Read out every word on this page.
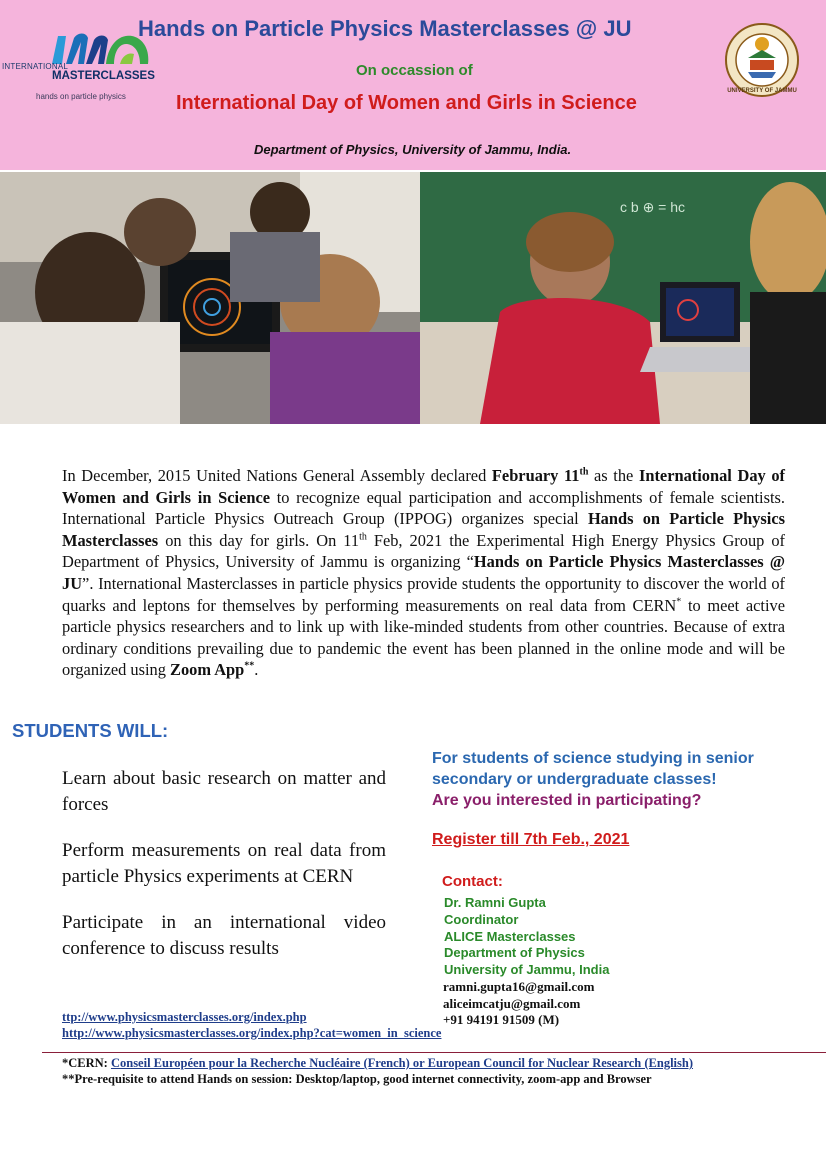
INTERNATIONAL
MASTERCLASSES
hands on particle physics
Hands on Particle Physics Masterclasses @ JU
On occassion of
International Day of Women and Girls in Science
Department of Physics, University of Jammu, India.
UNIVERSITY OF JAMMU
c b ⊕ = hc
In December, 2015 United Nations General Assembly declared February 11th as the International Day of Women and Girls in Science to recognize equal participation and accomplishments of female scientists. International Particle Physics Outreach Group (IPPOG) organizes special Hands on Particle Physics Masterclasses on this day for girls. On 11th Feb, 2021 the Experimental High Energy Physics Group of Department of Physics, University of Jammu is organizing “Hands on Particle Physics Masterclasses @ JU”. International Masterclasses in particle physics provide students the opportunity to discover the world of quarks and leptons for themselves by performing measurements on real data from CERN* to meet active particle physics researchers and to link up with like-minded students from other countries. Because of extra ordinary conditions prevailing due to pandemic the event has been planned in the online mode and will be organized using Zoom App**.
STUDENTS WILL:
Learn about basic research on matter and forces
Perform measurements on real data from particle Physics experiments at CERN
Participate in an international video conference to discuss results
For students of science studying in senior secondary or undergraduate classes!
Are you interested in participating?
Register till 7th Feb., 2021
Contact:
Dr. Ramni Gupta
Coordinator
ALICE Masterclasses
Department of Physics
University of Jammu, India
ramni.gupta16@gmail.com
aliceimcatju@gmail.com
+91 94191 91509 (M)
ttp://www.physicsmasterclasses.org/index.php
http://www.physicsmasterclasses.org/index.php?cat=women_in_science
*CERN: Conseil Européen pour la Recherche Nucléaire (French) or European Council for Nuclear Research (English)
**Pre-requisite to attend Hands on session: Desktop/laptop, good internet connectivity, zoom-app and Browser
